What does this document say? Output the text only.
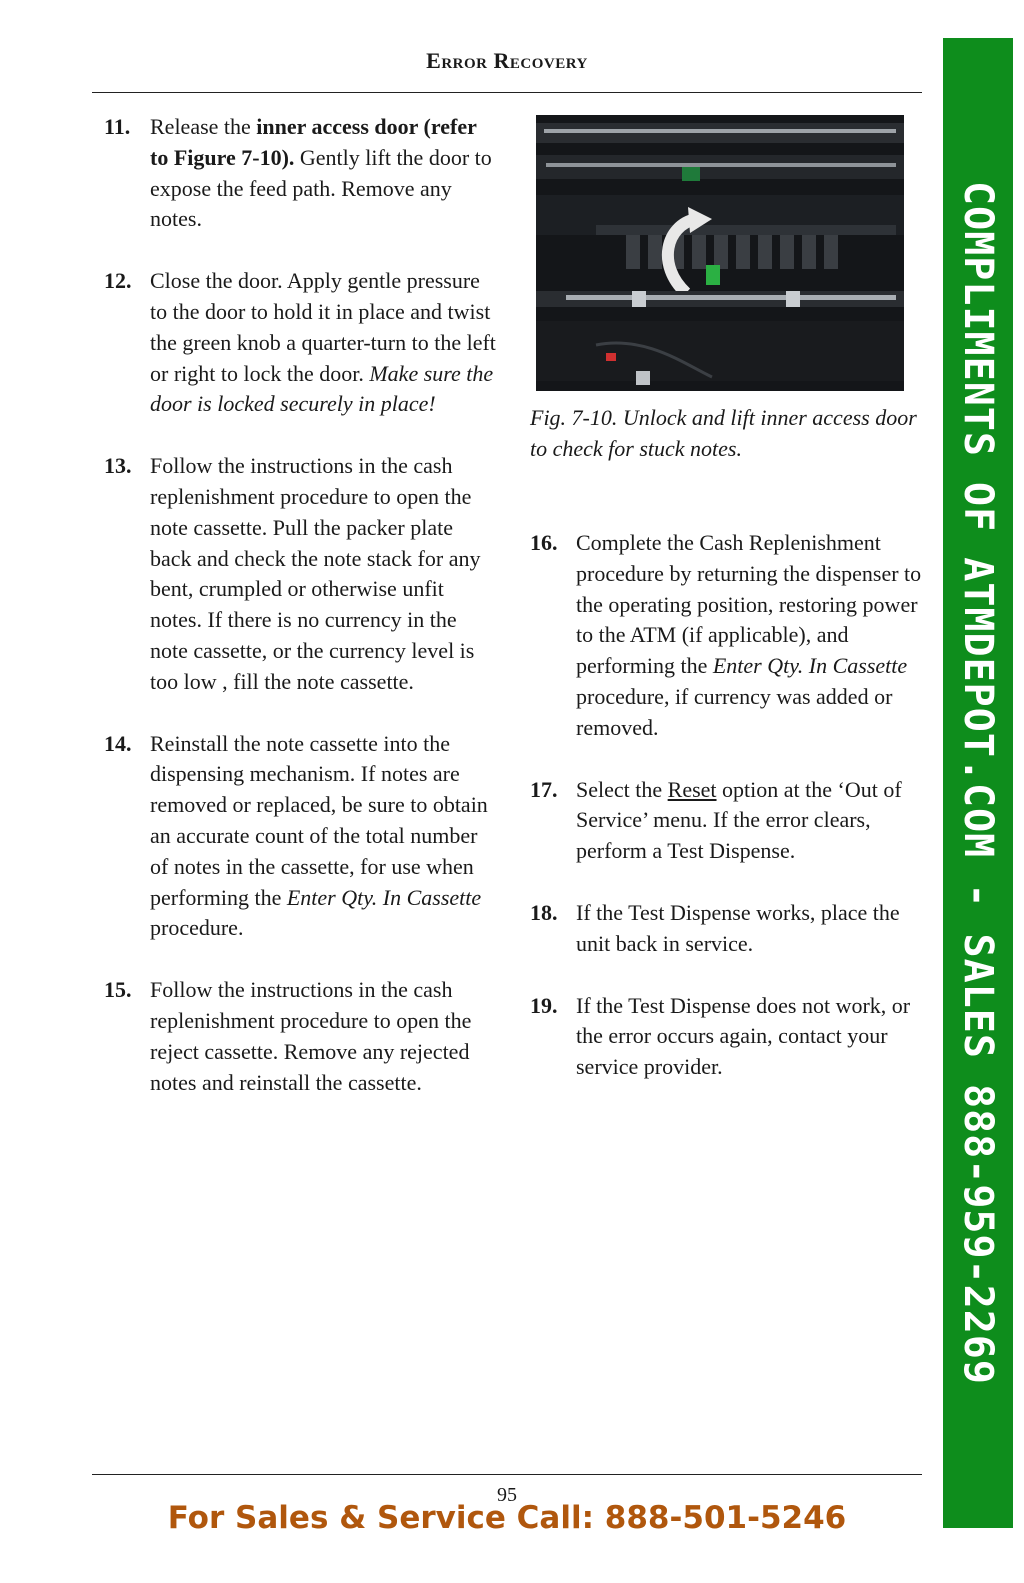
Error Recovery
11. Release the inner access door (refer to Figure 7-10). Gently lift the door to expose the feed path. Remove any notes.
12. Close the door. Apply gentle pressure to the door to hold it in place and twist the green knob a quarter-turn to the left or right to lock the door. Make sure the door is locked securely in place!
13. Follow the instructions in the cash replenishment procedure to open the note cassette. Pull the packer plate back and check the note stack for any bent, crumpled or otherwise unfit notes. If there is no currency in the note cassette, or the currency level is too low , fill the note cassette.
14. Reinstall the note cassette into the dispensing mechanism. If notes are removed or replaced, be sure to obtain an accurate count of the total number of notes in the cassette, for use when performing the Enter Qty. In Cassette procedure.
15. Follow the instructions in the cash replenishment procedure to open the reject cassette. Remove any rejected notes and reinstall the cassette.
Fig. 7-10. Unlock and lift inner access door to check for stuck notes.
16. Complete the Cash Replenishment procedure by returning the dispenser to the operating position, restoring power to the ATM (if applicable), and performing the Enter Qty. In Cassette procedure, if currency was added or removed.
17. Select the Reset option at the ‘Out of Service’ menu. If the error clears, perform a Test Dispense.
18. If the Test Dispense works, place the unit back in service.
19. If the Test Dispense does not work, or the error occurs again, contact your service provider.
95
For Sales & Service Call: 888-501-5246
COMPLIMENTS OF ATMDEPOT.COM - SALES 888-959-2269
